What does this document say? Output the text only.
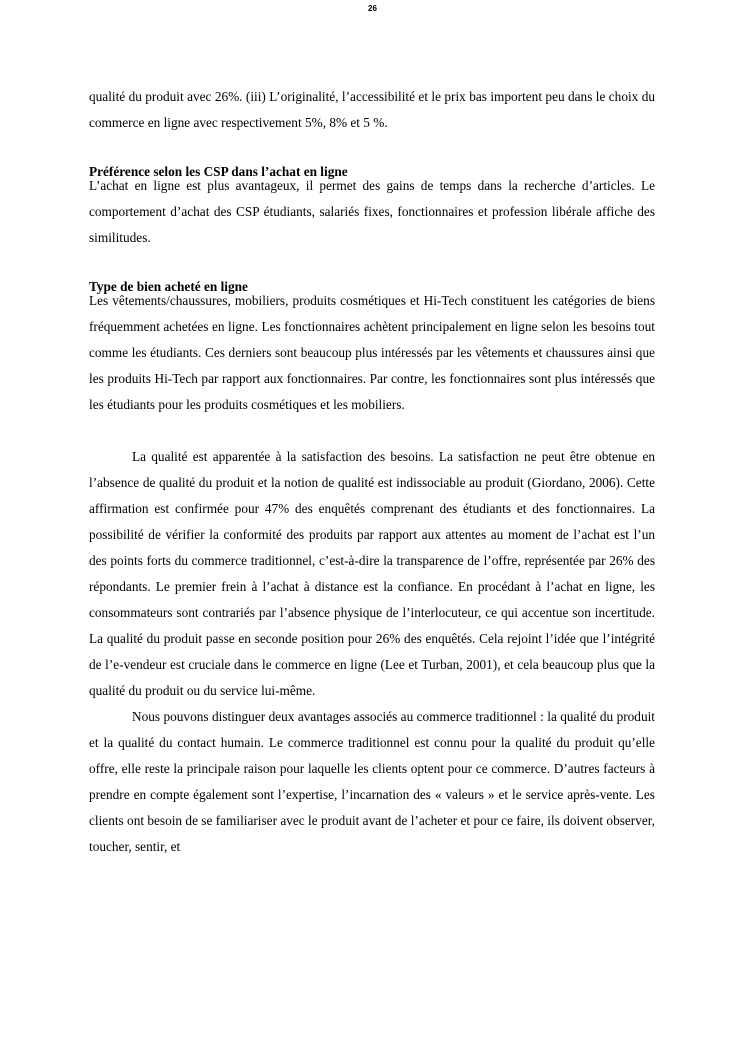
26

qualité du produit avec 26%. (iii) L’originalité, l’accessibilité et le prix bas importent peu dans le choix du commerce en ligne avec respectivement 5%, 8% et 5 %.

Préférence selon les CSP dans l’achat en ligne

L’achat en ligne est plus avantageux, il permet des gains de temps dans la recherche d’articles. Le comportement d’achat des CSP étudiants, salariés fixes, fonctionnaires et profession libérale affiche des similitudes.

Type de bien acheté en ligne

Les vêtements/chaussures, mobiliers, produits cosmétiques et Hi-Tech constituent les catégories de biens fréquemment achetées en ligne. Les fonctionnaires achètent principalement en ligne selon les besoins tout comme les étudiants. Ces derniers sont beaucoup plus intéressés par les vêtements et chaussures ainsi que les produits Hi-Tech par rapport aux fonctionnaires. Par contre, les fonctionnaires sont plus intéressés que les étudiants pour les produits cosmétiques et les mobiliers.

La qualité est apparentée à la satisfaction des besoins. La satisfaction ne peut être obtenue en l’absence de qualité du produit et la notion de qualité est indissociable au produit (Giordano, 2006). Cette affirmation est confirmée pour 47% des enquêtés comprenant des étudiants et des fonctionnaires. La possibilité de vérifier la conformité des produits par rapport aux attentes au moment de l’achat est l’un des points forts du commerce traditionnel, c’est-à-dire la transparence de l’offre, représentée par 26% des répondants. Le premier frein à l’achat à distance est la confiance. En procédant à l’achat en ligne, les consommateurs sont contrariés par l’absence physique de l’interlocuteur, ce qui accentue son incertitude. La qualité du produit passe en seconde position pour 26% des enquêtés. Cela rejoint l’idée que l’intégrité de l’e-vendeur est cruciale dans le commerce en ligne (Lee et Turban, 2001), et cela beaucoup plus que la qualité du produit ou du service lui-même.

Nous pouvons distinguer deux avantages associés au commerce traditionnel : la qualité du produit et la qualité du contact humain. Le commerce traditionnel est connu pour la qualité du produit qu’elle offre, elle reste la principale raison pour laquelle les clients optent pour ce commerce. D’autres facteurs à prendre en compte également sont l’expertise, l’incarnation des « valeurs » et le service après-vente. Les clients ont besoin de se familiariser avec le produit avant de l’acheter et pour ce faire, ils doivent observer, toucher, sentir, et
